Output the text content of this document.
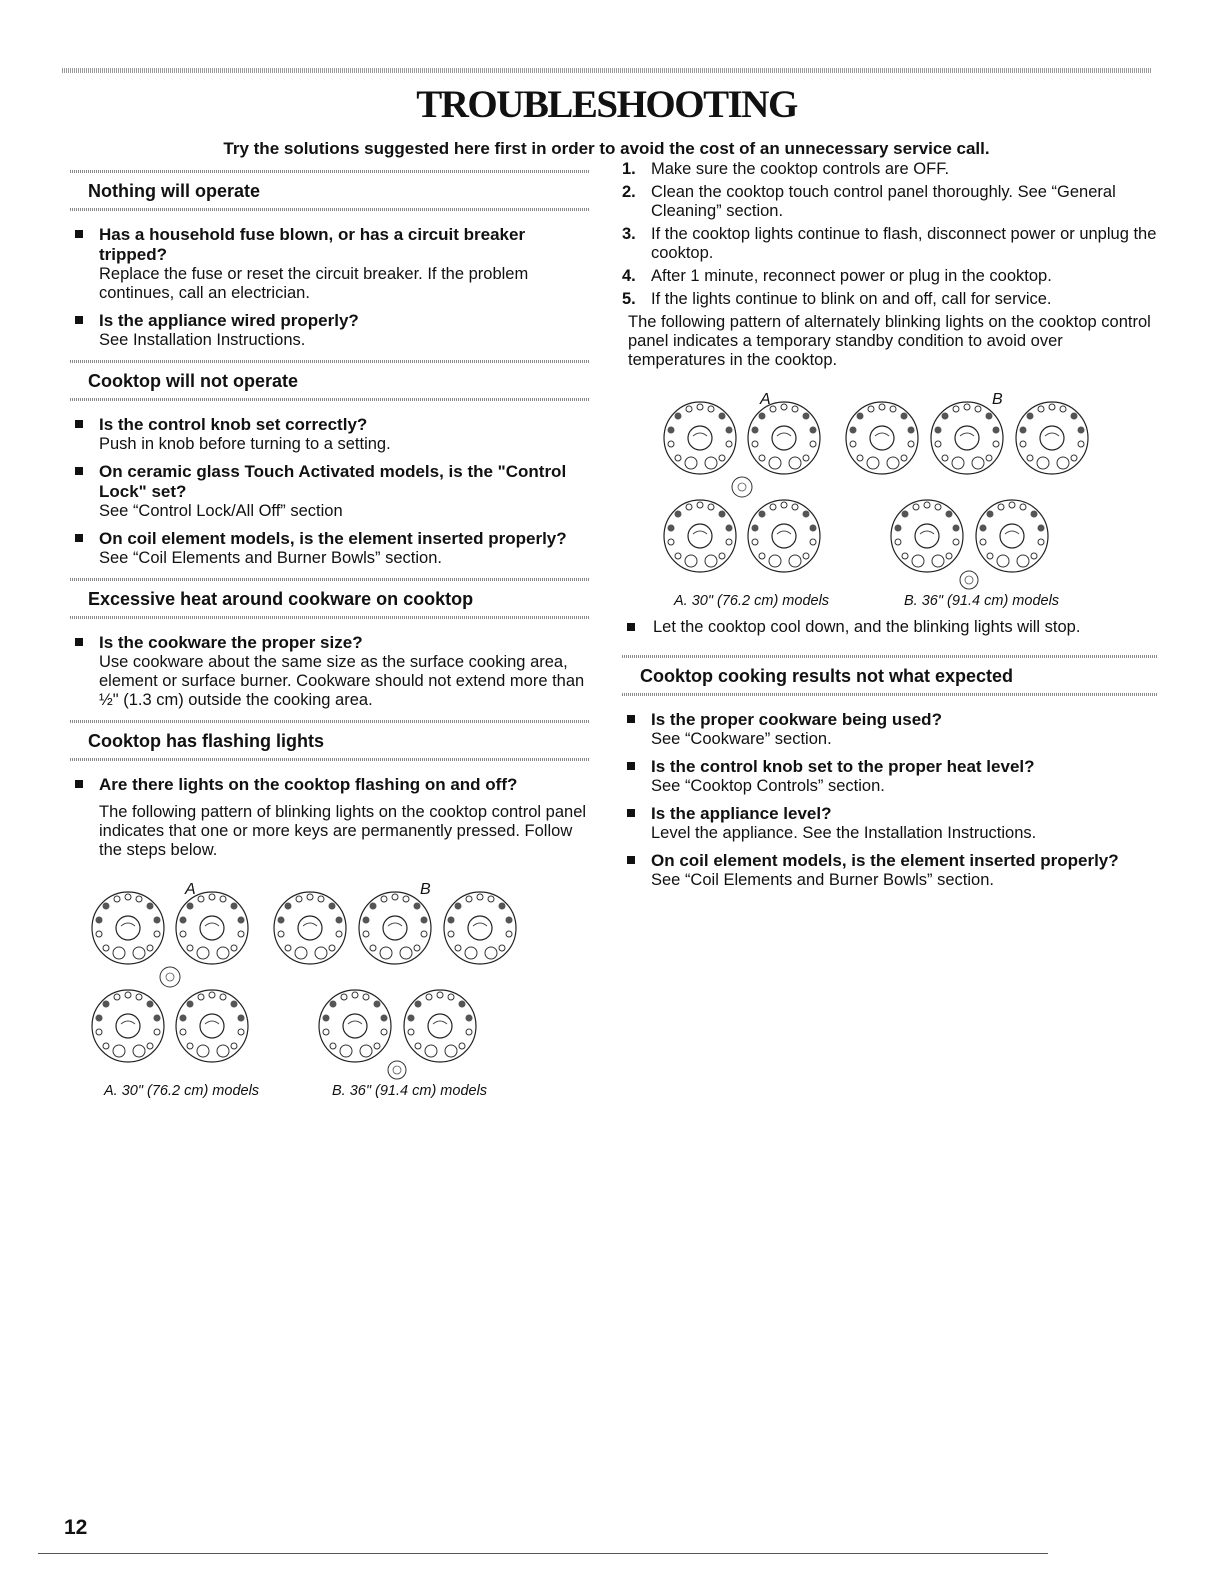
TROUBLESHOOTING

Try the solutions suggested here first in order to avoid the cost of an unnecessary service call.

Nothing will operate
Has a household fuse blown, or has a circuit breaker tripped?
Replace the fuse or reset the circuit breaker. If the problem continues, call an electrician.
Is the appliance wired properly?
See Installation Instructions.
Cooktop will not operate
Is the control knob set correctly?
Push in knob before turning to a setting.
On ceramic glass Touch Activated models, is the "Control Lock" set?
See “Control Lock/All Off” section
On coil element models, is the element inserted properly?
See “Coil Elements and Burner Bowls” section.
Excessive heat around cookware on cooktop
Is the cookware the proper size?
Use cookware about the same size as the surface cooking area, element or surface burner. Cookware should not extend more than ½" (1.3 cm) outside the cooking area.
Cooktop has flashing lights
Are there lights on the cooktop flashing on and off?

The following pattern of blinking lights on the cooktop control panel indicates that one or more keys are permanently pressed. Follow the steps below.

A	B
A. 30" (76.2 cm) models	B. 36" (91.4 cm) models
1. Make sure the cooktop controls are OFF.
2. Clean the cooktop touch control panel thoroughly. See “General Cleaning” section.
3. If the cooktop lights continue to flash, disconnect power or unplug the cooktop.
4. After 1 minute, reconnect power or plug in the cooktop.
5. If the lights continue to blink on and off, call for service.

The following pattern of alternately blinking lights on the cooktop control panel indicates a temporary standby condition to avoid over temperatures in the cooktop.

A	B
A. 30" (76.2 cm) models	B. 36" (91.4 cm) models
Let the cooktop cool down, and the blinking lights will stop.
Cooktop cooking results not what expected
Is the proper cookware being used?
See “Cookware” section.
Is the control knob set to the proper heat level?
See “Cooktop Controls” section.
Is the appliance level?
Level the appliance. See the Installation Instructions.
On coil element models, is the element inserted properly?
See “Coil Elements and Burner Bowls” section.
12
